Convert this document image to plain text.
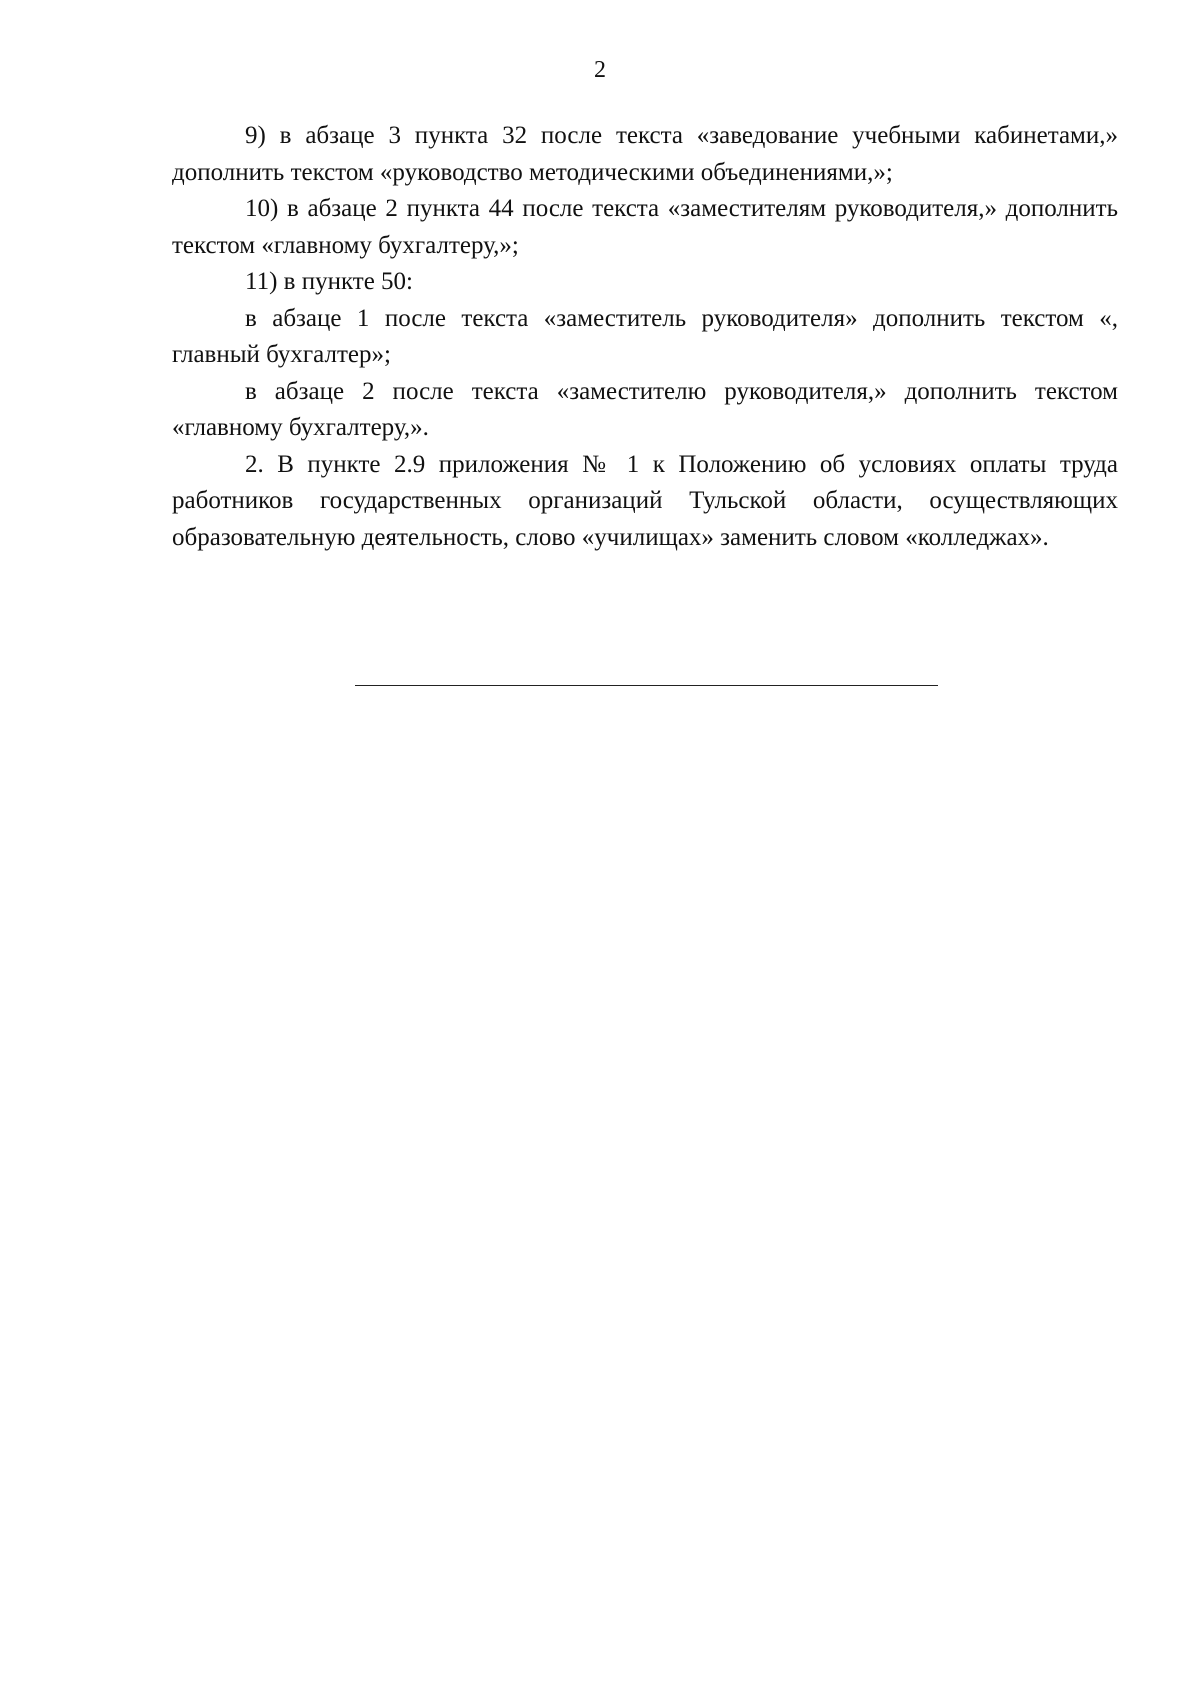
2

9) в абзаце 3 пункта 32 после текста «заведование учебными кабинетами,» дополнить текстом «руководство методическими объединениями,»;

10) в абзаце 2 пункта 44 после текста «заместителям руководителя,» дополнить текстом «главному бухгалтеру,»;

11) в пункте 50:

в абзаце 1 после текста «заместитель руководителя» дополнить текстом «, главный бухгалтер»;

в абзаце 2 после текста «заместителю руководителя,» дополнить текстом «главному бухгалтеру,».

2. В пункте 2.9 приложения № 1 к Положению об условиях оплаты труда работников государственных организаций Тульской области, осуществляющих образовательную деятельность, слово «училищах» заменить словом «колледжах».
